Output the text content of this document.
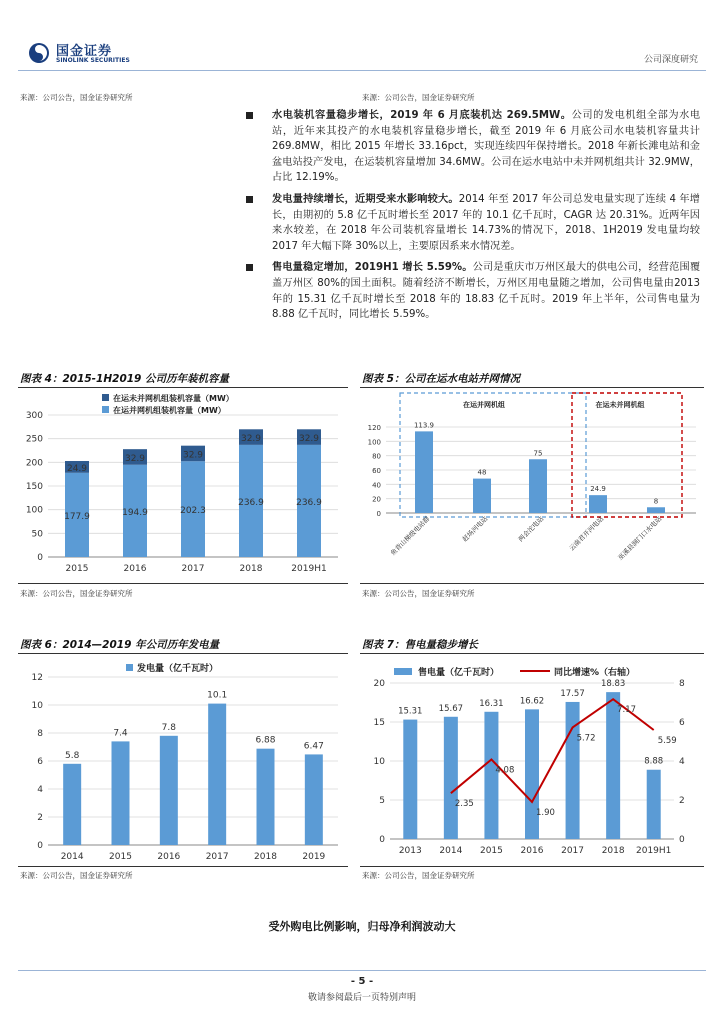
国金证券
SINOLINK SECURITIES	公司深度研究
来源：公司公告，国金证券研究所	来源：公司公告，国金证券研究所
水电装机容量稳步增长，2019 年 6 月底装机达 269.5MW。公司的发电机组全部为水电站，近年来其投产的水电装机容量稳步增长，截至 2019 年 6 月底公司水电装机容量共计 269.8MW，相比 2015 年增长 33.16pct，实现连续四年保持增长。2018 年新长滩电站和金盆电站投产发电，在运装机容量增加 34.6MW。公司在运水电站中未并网机组共计 32.9MW，占比 12.19%。
发电量持续增长，近期受来水影响较大。2014 年至 2017 年公司总发电量实现了连续 4 年增长，由期初的 5.8 亿千瓦时增长至 2017 年的 10.1 亿千瓦时，CAGR 达 20.31%。近两年因来水较差，在 2018 年公司装机容量增长 14.73%的情况下，2018、1H2019 发电量均较 2017 年大幅下降 30%以上，主要原因系来水情况差。
售电量稳定增加，2019H1 增长 5.59%。公司是重庆市万州区最大的供电公司，经营范围覆盖万州区 80%的国土面积。随着经济不断增长，万州区用电量随之增加，公司售电量由2013 年的 15.31 亿千瓦时增长至 2018 年的 18.83 亿千瓦时。2019 年上半年，公司售电量为 8.88 亿千瓦时，同比增长 5.59%。
图表 4：2015-1H2019 公司历年装机容量
0
50
100
150
200
250
300
在运未并网机组装机容量（MW）
在运并网机组装机容量（MW）
177.9
24.9
2015
194.9
32.9
2016
202.3
32.9
2017
236.9
32.9
2018
236.9
32.9
2019H1
来源：公司公告，国金证券研究所
图表 5：公司在运水电站并网情况
0
20
40
60
80
100
120
在运并网机组	在运未并网机组
113.9
鱼背山梯级电站群
48
赶场河电站
75
两会沱电站
24.9
云南君开河电站
8
巫溪县洞门口水电站
来源：公司公告，国金证券研究所
图表 6：2014—2019 年公司历年发电量
0
2
4
6
8
10
12
发电量（亿千瓦时）
5.8
2014
7.4
2015
7.8
2016
10.1
2017
6.88
2018
6.47
2019
来源：公司公告，国金证券研究所
图表 7：售电量稳步增长
0
5
10
15
20
0
2
4
6
8
售电量（亿千瓦时）	同比增速%（右轴）
15.31
2013
15.67
2014
16.31
2015
16.62
2016
17.57
2017
18.83
2018
8.88
2019H1
2.35
4.08
1.90
5.72
7.17
5.59
来源：公司公告，国金证券研究所
受外购电比例影响，归母净利润波动大
- 5 -
敬请参阅最后一页特别声明
